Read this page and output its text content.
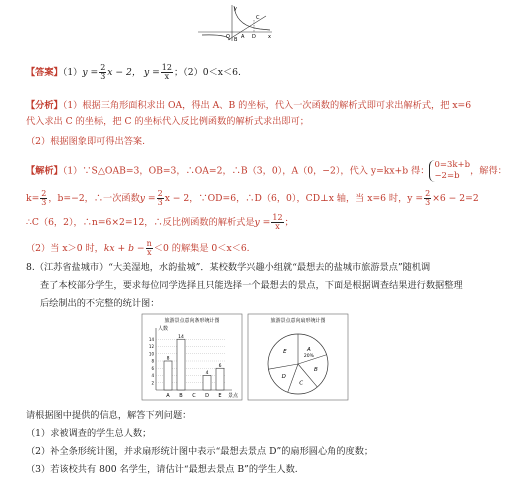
y
C
A
O	D x
B
【答案】$(1)y = \frac{2}{3}$ x − 2， $y = \frac{12}{x}$ ；（2）0＜x＜6.
【分析】（1）根据三角形面积求出 OA，得出 A、B 的坐标，代入一次函数的解析式即可求出解析式，把 x=6
代入求出 C 的坐标，把 C 的坐标代入反比例函数的解析式求出即可；
（2）根据图象即可得出答案.
【解析】（1）∵S△OAB=3，OB=3，∴OA=2，∴B（3，0），A（0，−2），代入 y=kx+b 得：
0=3k+b
−2=b	，解得：
$k= \frac{2}{3}$ ，b=−2，∴一次函数$y = \frac{2}{3}$ x − 2，∵OD=6，∴D（6，0），CD⊥x 轴，当 x=6 时，$y = \frac{2}{3} \times 6 - 2=2$
∴C（6，2），∴n=6×2=12，∴反比例函数的解析式是$y = \frac{12}{x}$ ；
（2）当 x＞0 时，kx + $b - \frac{n}{x} <0$ 的解集是 0＜x＜6.
8.（江苏省盐城市）“大美湿地，水韵盐城”．某校数学兴趣小组就“最想去的盐城市旅游景点”随机调
查了本校部分学生，要求每位同学选择且只能选择一个最想去的景点，下面是根据调查结果进行数据整理
后绘制出的不完整的统计图：
旅游景点意向条形统计图
人数
景点
2
4
6
8
10
12
14
8
A
14
B C
4
D
6
E
旅游景点意向扇形统计图
A
B
C
D
E
20%
请根据图中提供的信息，解答下列问题：
（1）求被调查的学生总人数；
（2）补全条形统计图，并求扇形统计图中表示“最想去景点 D”的扇形圆心角的度数；
（3）若该校共有 800 名学生，请估计“最想去景点 B”的学生人数.
